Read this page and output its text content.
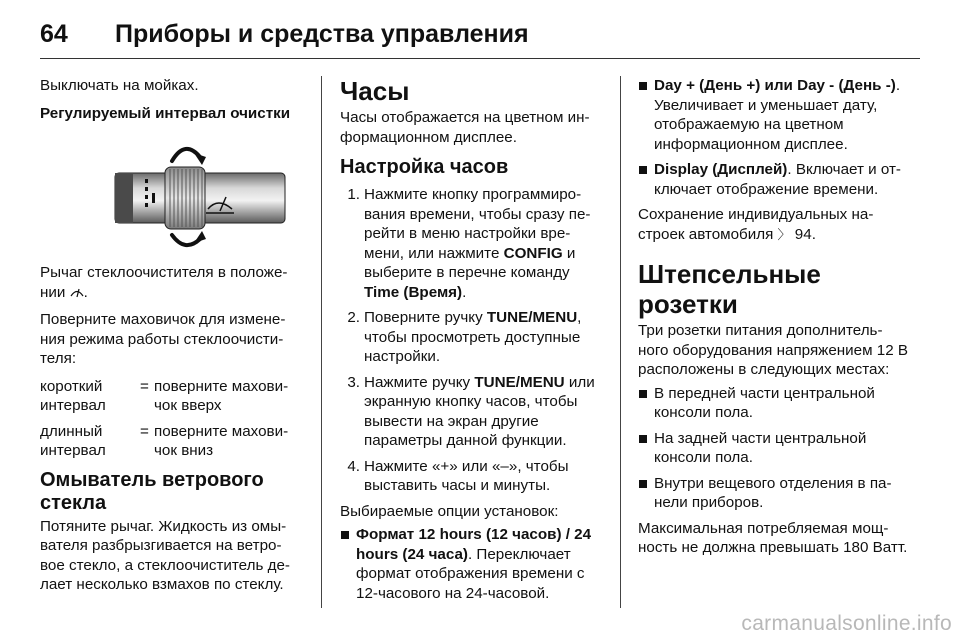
64 Приборы и средства управления

Выключать на мойках.

Регулируемый интервал очистки

Рычаг стеклоочистителя в положе-
нии .

Поверните маховичок для измене-ния режима работы стеклоочисти-теля:

короткий интервал	=	поверните махови-чок вверх
длинный интервал	=	поверните махови-чок вниз
Омыватель ветрового стекла

Потяните рычаг. Жидкость из омы-вателя разбрызгивается на ветро-вое стекло, а стеклоочиститель де-лает несколько взмахов по стеклу.

Часы

Часы отображается на цветном ин-формационном дисплее.

Настройка часов
1. Нажмите кнопку программиро-вания времени, чтобы сразу пе-рейти в меню настройки вре-мени, или нажмите CONFIG и выберите в перечне команду Time (Время).
2. Поверните ручку TUNE/MENU, чтобы просмотреть доступные настройки.
3. Нажмите ручку TUNE/MENU или экранную кнопку часов, чтобы вывести на экран другие параметры данной функции.
4. Нажмите «+» или «–», чтобы выставить часы и минуты.

Выбираемые опции установок:

Формат 12 hours (12 часов) / 24 hours (24 часа). Переключает формат отображения времени с 12-часового на 24-часовой.
Day + (День +) или Day - (День -). Увеличивает и уменьшает дату, отображаемую на цветном информационном дисплее.
Display (Дисплей). Включает и от-ключает отображение времени.

Сохранение индивидуальных на-строек автомобиля 〉 94.

Штепсельные розетки

Три розетки питания дополнитель-ного оборудования напряжением 12 В расположены в следующих местах:

В передней части центральной консоли пола.
На задней части центральной консоли пола.
Внутри вещевого отделения в па-нели приборов.

Максимальная потребляемая мощ-ность не должна превышать 180 Ватт.

carmanualsonline.info
